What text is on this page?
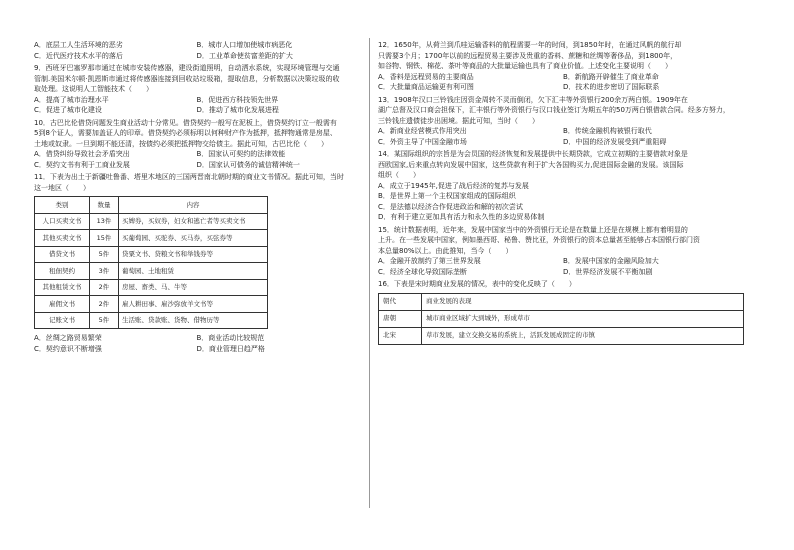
A．底层工人生活环境的恶劣	B．城市人口增加使城市病恶化
C．近代医疗技术水平的落后	D．工业革命使贫富差距的扩大
9．西班牙巴塞罗那市通过在城市安装传感器，建设街道照明，自动洒水系统，实现环境管理与交通
管制.美国米尔顿·凯恩斯市通过将传感器连接到回收站垃圾箱，提取信息，分析数据以决策垃圾的收
取处理。这说明人工智能技术（　　）
A．提高了城市治理水平	B．促进西方科技领先世界
C．促进了城市化建设	D．推动了城市化发展进程
10．古巴比伦借贷问题发生商业活动十分常见。借贷契约一般写在泥板上，借贷契约订立一般需有
5到8个证人，需要加盖证人的印章。借贷契约必须标明以何种财产作为抵押，抵押物通常是房屋、
土地或奴隶。一旦到期不能还清，按债约必须把抵押物交给债主。据此可知，古巴比伦（　　）
A．借贷纠纷导致社会矛盾突出	B．国家认可契约的法律效能
C．契约文书有利于工商业发展	D．国家认可债务的诚信精神统一
11．下表为出土于新疆吐鲁番、塔里木地区的三国两晋南北朝时期的商业文书情况。据此可知，当时
这一地区（　　）
类别	数量	内容
人口买卖文书	13件	买婢券，买奴券，妇女和逃亡者等买卖文书
其他买卖文书	15件	买葡萄园、买驼券、买马券，买弦券等
借贷文书	5件	贷粟文书、贷粮文书和举钱券等
租佃契约	3件	葡萄园、土地租赁
其他租赁文书	2件	房屋、畜类、马、牛等
雇佣文书	2件	雇人耕田事、雇沙弥放羊文书等
记账文书	5件	生活账、贷款账、货物、借物历等
A．丝绸之路贸易繁荣	B．商业活动比较规范
C．契约意识不断增强	D．商业管理日趋严格
12．1650年，从荷兰到爪哇运输香料的航程需要一年的时间，到1850年时，在通过风帆的航行却
只需要3个月；1700年以前的远程贸易主要涉及贵重的香料、蔗糖和丝绸等奢侈品，到1800年，
如谷物、钢铁、棉花、茶叶等商品的大批量运输也具有了商业价值。上述变化主要说明（　　）
A．香料是远程贸易的主要商品	B．新航路开辟催生了商业革命
C．大批量商品运输更有利可图	D．技术的进步密切了国际联系
13．1908年汉口三铃钱庄因资金周转不灵而倒闭，欠下汇丰等外资银行200余万两白银。1909年在
湖广总督及汉口商会担保下，汇丰银行等外资银行与汉口钱业签订为期五年的50万两白银借款合同。经多方努力，
三铃钱庄遗债徒步出困境。据此可知，当时（　　）
A．新商业经营模式作用突出	B．传统金融机构被银行取代
C．外资主导了中国金融市场	D．中国的经济发展受到严重阻碍
14．某国际组织的宗旨是为会员国的经济恢复和发展提供中长期贷款，它成立初期的主要借款对象是
西欧国家,后来重点转向发展中国家，这些贷款有利于扩大各国购买力,促进国际金融的发展。该国际
组织（　　）
A．成立于1945年,促进了战后经济的复苏与发展
B．是世界上第一个主权国家组成的国际组织
C．是法德以经济合作促进政治和解的初次尝试
D．有利于建立更加具有活力和永久性的多边贸易体制
15．统计数据表明，近年来，发展中国家当中的外资银行无论是在数量上还是在规模上都有着明显的
上升。在一些发展中国家，例如墨西哥、秘鲁、赞比亚，外资银行的资本总量甚至能够占本国银行部门资
本总量80%以上。由此推知，当今（　　）
A．金融开放制约了第三世界发展	B．发展中国家的金融风险加大
C．经济全球化导致国际垄断	D．世界经济发展不平衡加剧
16．下表是宋时期商业发展的情况，表中的变化反映了（　　）
朝代	商业发展的表现
唐朝	城市商业区域扩大到城外，形成草市
北宋	草市发展，建立交换交易的系统上，活跃发展成固定的市镇
